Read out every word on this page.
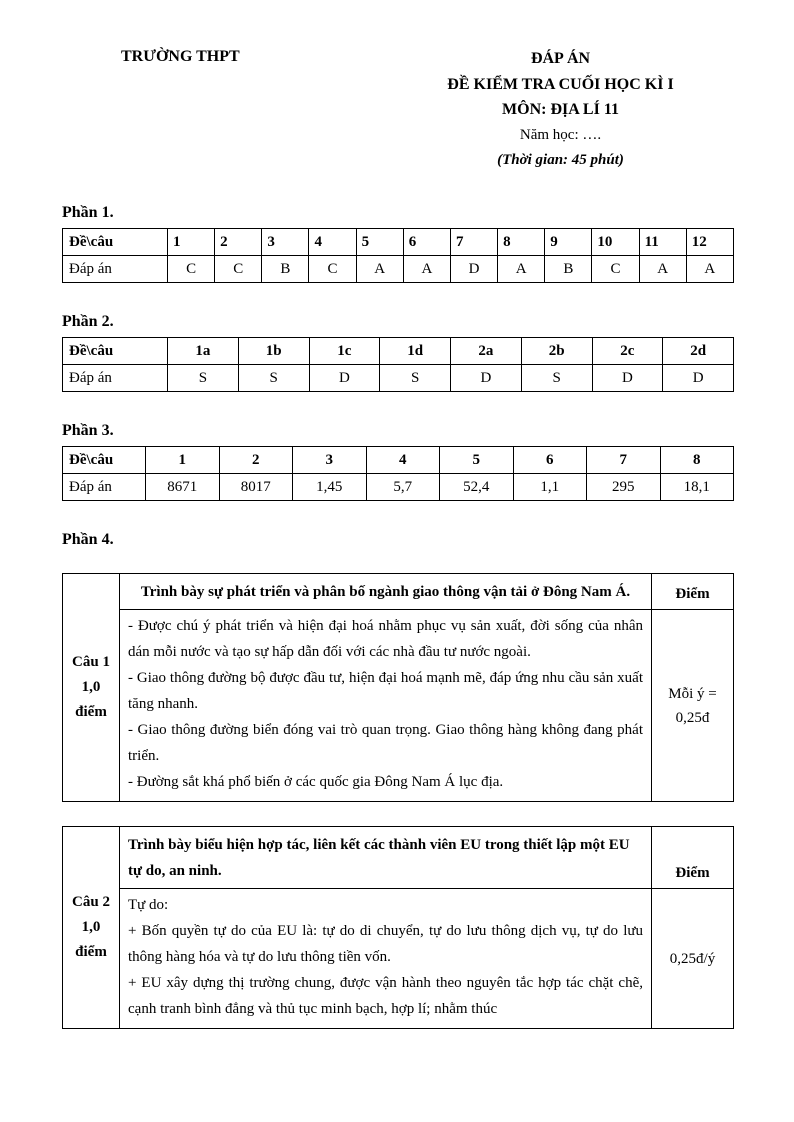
TRƯỜNG THPT	ĐÁP ÁN
ĐỀ KIỂM TRA CUỐI HỌC KÌ I
MÔN: ĐỊA LÍ 11
Năm học: ….
(Thời gian: 45 phút)
Phần 1.
Đề\câu	1	2	3	4	5	6	7	8	9	10	11	12
Đáp án	C	C	B	C	A	A	D	A	B	C	A	A
Phần 2.
Đề\câu	1a	1b	1c	1d	2a	2b	2c	2d
Đáp án	S	S	D	S	D	S	D	D
Phần 3.
Đề\câu	1	2	3	4	5	6	7	8
Đáp án	8671	8017	1,45	5,7	52,4	1,1	295	18,1
Phần 4.
Câu 1
1,0
điểm	Trình bày sự phát triển và phân bố ngành giao thông vận tải ở Đông Nam Á.	Điểm

	- Được chú ý phát triển và hiện đại hoá nhằm phục vụ sản xuất, đời sống của nhân dán mỗi nước và tạo sự hấp dẫn đối với các nhà đầu tư nước ngoài.

- Giao thông đường bộ được đầu tư, hiện đại hoá mạnh mẽ, đáp ứng nhu cầu sản xuất tăng nhanh.

- Giao thông đường biển đóng vai trò quan trọng. Giao thông hàng không đang phát triển.

- Đường sắt khá phổ biến ở các quốc gia Đông Nam Á lục địa.	Mỗi ý = 0,25đ
Câu 2
1,0
điểm	Trình bày biểu hiện hợp tác, liên kết các thành viên EU trong thiết lập một EU tự do, an ninh.	Điểm

	Tự do:

+ Bốn quyền tự do của EU là: tự do di chuyển, tự do lưu thông dịch vụ, tự do lưu thông hàng hóa và tự do lưu thông tiền vốn.

+ EU xây dựng thị trường chung, được vận hành theo nguyên tắc hợp tác chặt chẽ, cạnh tranh bình đẳng và thủ tục minh bạch, hợp lí; nhằm thúc	0,25đ/ý
